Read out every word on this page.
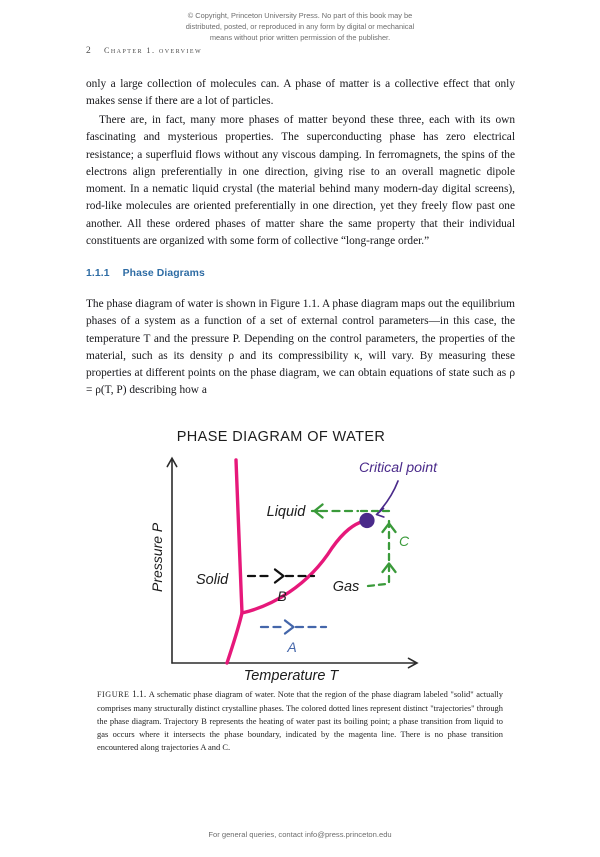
© Copyright, Princeton University Press. No part of this book may be
distributed, posted, or reproduced in any form by digital or mechanical
means without prior written permission of the publisher.
2 chapter 1. overview

only a large collection of molecules can. A phase of matter is a collective effect that only makes sense if there are a lot of particles.

There are, in fact, many more phases of matter beyond these three, each with its own fascinating and mysterious properties. The superconducting phase has zero electrical resistance; a superfluid flows without any viscous damping. In ferromagnets, the spins of the electrons align preferentially in one direction, giving rise to an overall magnetic dipole moment. In a nematic liquid crystal (the material behind many modern-day digital screens), rod-like molecules are oriented preferentially in one direction, yet they freely flow past one another. All these ordered phases of matter share the same property that their individual constituents are organized with some form of collective “long-range order.”

1.1.1 Phase Diagrams

The phase diagram of water is shown in Figure 1.1. A phase diagram maps out the equilibrium phases of a system as a function of a set of external control parameters—in this case, the temperature T and the pressure P. Depending on the control parameters, the properties of the material, such as its density ρ and its compressibility κ, will vary. By measuring these properties at different points on the phase diagram, we can obtain equations of state such as ρ = ρ(T, P) describing how a

PHASE DIAGRAM OF WATER
Pressure P
Temperature T
Critical point
Solid
Liquid
Gas
C
B
A
FIGURE 1.1. A schematic phase diagram of water. Note that the region of the phase diagram labeled "solid" actually comprises many structurally distinct crystalline phases. The colored dotted lines represent distinct "trajectories" through the phase diagram. Trajectory B represents the heating of water past its boiling point; a phase transition from liquid to gas occurs where it intersects the phase boundary, indicated by the magenta line. There is no phase transition encountered along trajectories A and C.
For general queries, contact info@press.princeton.edu
